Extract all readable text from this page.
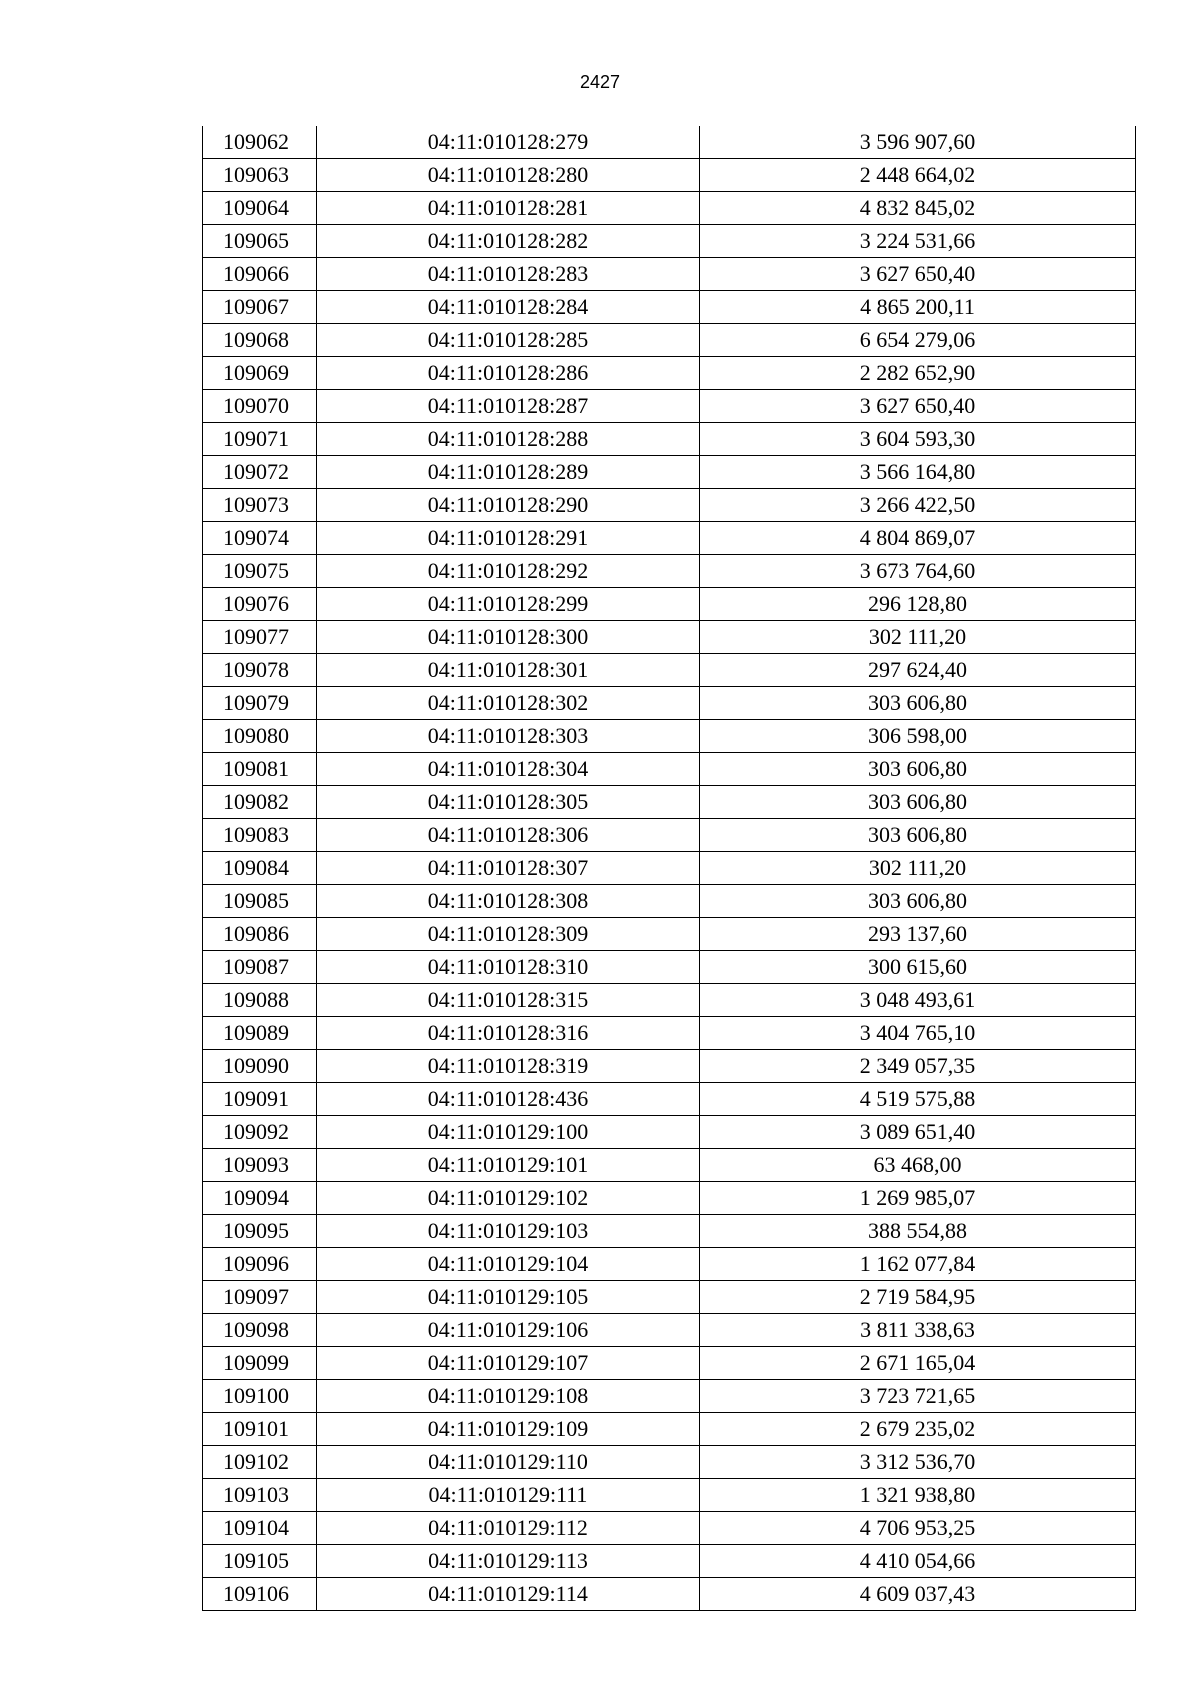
2427
109062	04:11:010128:279	3 596 907,60
109063	04:11:010128:280	2 448 664,02
109064	04:11:010128:281	4 832 845,02
109065	04:11:010128:282	3 224 531,66
109066	04:11:010128:283	3 627 650,40
109067	04:11:010128:284	4 865 200,11
109068	04:11:010128:285	6 654 279,06
109069	04:11:010128:286	2 282 652,90
109070	04:11:010128:287	3 627 650,40
109071	04:11:010128:288	3 604 593,30
109072	04:11:010128:289	3 566 164,80
109073	04:11:010128:290	3 266 422,50
109074	04:11:010128:291	4 804 869,07
109075	04:11:010128:292	3 673 764,60
109076	04:11:010128:299	296 128,80
109077	04:11:010128:300	302 111,20
109078	04:11:010128:301	297 624,40
109079	04:11:010128:302	303 606,80
109080	04:11:010128:303	306 598,00
109081	04:11:010128:304	303 606,80
109082	04:11:010128:305	303 606,80
109083	04:11:010128:306	303 606,80
109084	04:11:010128:307	302 111,20
109085	04:11:010128:308	303 606,80
109086	04:11:010128:309	293 137,60
109087	04:11:010128:310	300 615,60
109088	04:11:010128:315	3 048 493,61
109089	04:11:010128:316	3 404 765,10
109090	04:11:010128:319	2 349 057,35
109091	04:11:010128:436	4 519 575,88
109092	04:11:010129:100	3 089 651,40
109093	04:11:010129:101	63 468,00
109094	04:11:010129:102	1 269 985,07
109095	04:11:010129:103	388 554,88
109096	04:11:010129:104	1 162 077,84
109097	04:11:010129:105	2 719 584,95
109098	04:11:010129:106	3 811 338,63
109099	04:11:010129:107	2 671 165,04
109100	04:11:010129:108	3 723 721,65
109101	04:11:010129:109	2 679 235,02
109102	04:11:010129:110	3 312 536,70
109103	04:11:010129:111	1 321 938,80
109104	04:11:010129:112	4 706 953,25
109105	04:11:010129:113	4 410 054,66
109106	04:11:010129:114	4 609 037,43
